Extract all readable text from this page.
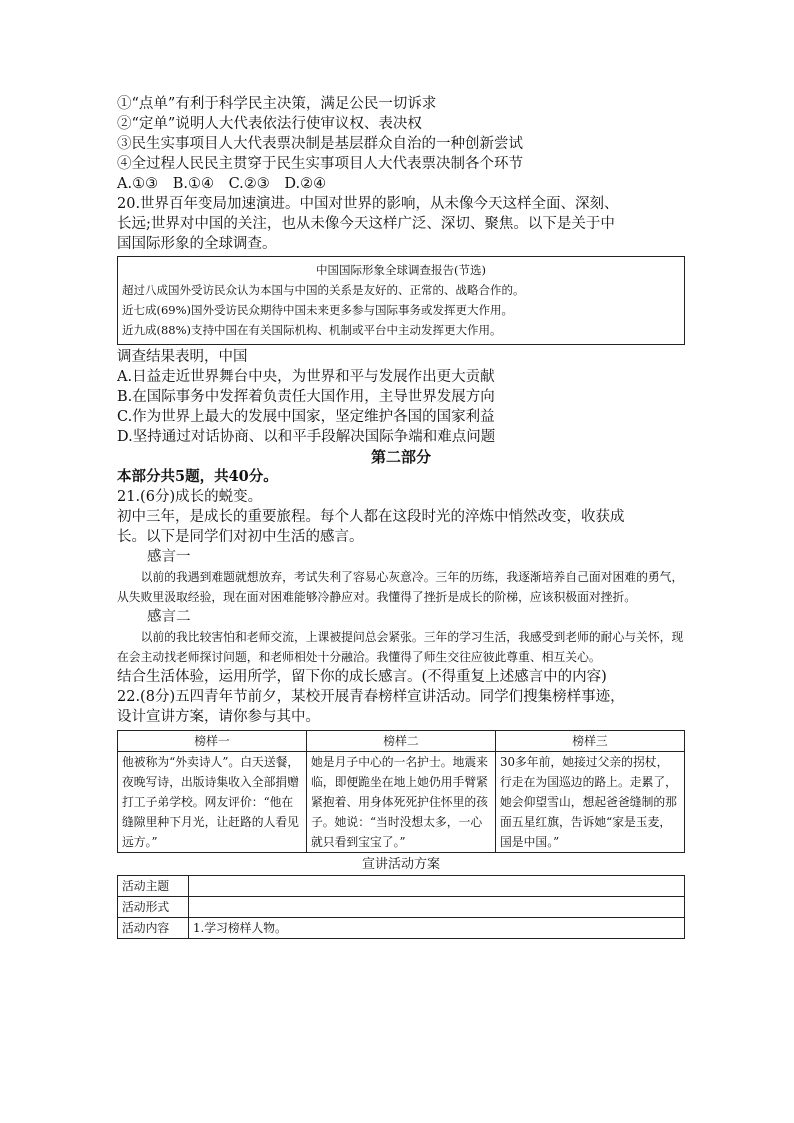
①“点单”有利于科学民主决策，满足公民一切诉求
②“定单”说明人大代表依法行使审议权、表决权
③民生实事项目人大代表票决制是基层群众自治的一种创新尝试
④全过程人民民主贯穿于民生实事项目人大代表票决制各个环节
A.①③ B.①④ C.②③ D.②④
20.世界百年变局加速演进。中国对世界的影响，从未像今天这样全面、深刻、
长远;世界对中国的关注，也从未像今天这样广泛、深切、聚焦。以下是关于中
国国际形象的全球调查。
中国国际形象全球调查报告(节选)
超过八成国外受访民众认为本国与中国的关系是友好的、正常的、战略合作的。
近七成(69%)国外受访民众期待中国未来更多参与国际事务或发挥更大作用。
近九成(88%)支持中国在有关国际机构、机制或平台中主动发挥更大作用。
调查结果表明，中国
A.日益走近世界舞台中央，为世界和平与发展作出更大贡献
B.在国际事务中发挥着负责任大国作用，主导世界发展方向
C.作为世界上最大的发展中国家，坚定维护各国的国家利益
D.坚持通过对话协商、以和平手段解决国际争端和难点问题
第二部分
本部分共5题，共40分。
21.(6分)成长的蜕变。
初中三年，是成长的重要旅程。每个人都在这段时光的淬炼中悄然改变，收获成
长。以下是同学们对初中生活的感言。
感言一
以前的我遇到难题就想放弃，考试失利了容易心灰意冷。三年的历练，我逐渐培养自己面对困难的勇气，从失败里汲取经验，现在面对困难能够冷静应对。我懂得了挫折是成长的阶梯，应该积极面对挫折。
感言二
以前的我比较害怕和老师交流，上课被提问总会紧张。三年的学习生活，我感受到老师的耐心与关怀，现在会主动找老师探讨问题，和老师相处十分融洽。我懂得了师生交往应彼此尊重、相互关心。
结合生活体验，运用所学，留下你的成长感言。(不得重复上述感言中的内容)
22.(8分)五四青年节前夕，某校开展青春榜样宣讲活动。同学们搜集榜样事迹，
设计宣讲方案，请你参与其中。
榜样一	榜样二	榜样三
他被称为“外卖诗人”。白天送餐，夜晚写诗，出版诗集收入全部捐赠打工子弟学校。网友评价：“他在缝隙里种下月光，让赶路的人看见远方。”	她是月子中心的一名护士。地震来临，即便跪坐在地上她仍用手臂紧紧抱着、用身体死死护住怀里的孩子。她说：“当时没想太多，一心就只看到宝宝了。”	30多年前，她接过父亲的拐杖，行走在为国巡边的路上。走累了，她会仰望雪山，想起爸爸缝制的那面五星红旗，告诉她“家是玉麦，国是中国。”
宣讲活动方案
活动主题	
活动形式	
活动内容	1.学习榜样人物。
